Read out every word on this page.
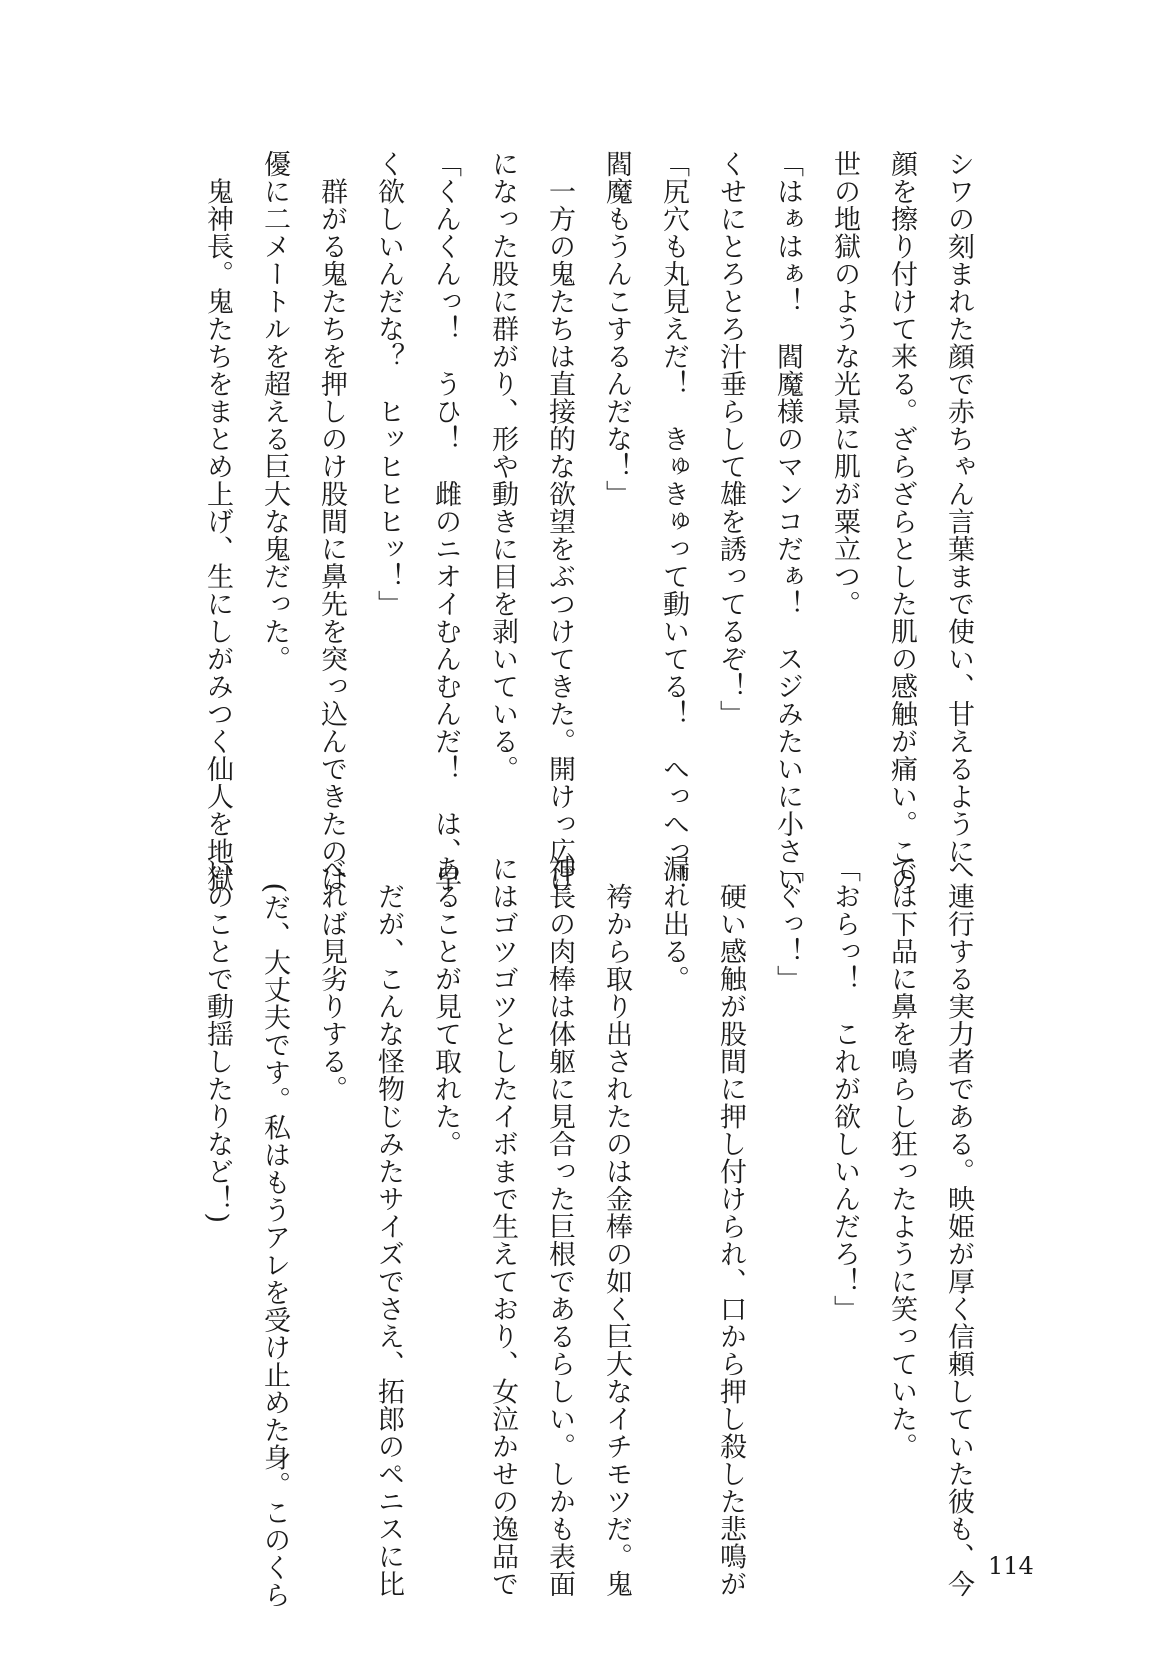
シワの刻まれた顔で赤ちゃん言葉まで使い、甘えるように
顔を擦り付けて来る。ざらざらとした肌の感触が痛い。この
世の地獄のような光景に肌が粟立つ。
「はぁはぁ！　閻魔様のマンコだぁ！　スジみたいに小さい
くせにとろとろ汁垂らして雄を誘ってるぞ！」
「尻穴も丸見えだ！　きゅきゅって動いてる！　へっへっ！
閻魔もうんこするんだな！」
　一方の鬼たちは直接的な欲望をぶつけてきた。開けっ広げ
になった股に群がり、形や動きに目を剥いている。
「くんくんっ！　うひ！　雌のニオイむんむんだ！　は、早
く欲しいんだな？　ヒッヒヒヒッ！」
　群がる鬼たちを押しのけ股間に鼻先を突っ込んできたのは
優に二メートルを超える巨大な鬼だった。
　鬼神長。鬼たちをまとめ上げ、生にしがみつく仙人を地獄
へ連行する実力者である。映姫が厚く信頼していた彼も、今
では下品に鼻を鳴らし狂ったように笑っていた。
「おらっ！　これが欲しいんだろ！」
「ぐっ！」
　硬い感触が股間に押し付けられ、口から押し殺した悲鳴が
漏れ出る。
　袴から取り出されたのは金棒の如く巨大なイチモツだ。鬼
神長の肉棒は体躯に見合った巨根であるらしい。しかも表面
にはゴツゴツとしたイボまで生えており、女泣かせの逸品で
あることが見て取れた。
　だが、こんな怪物じみたサイズでさえ、拓郎のペニスに比
べれば見劣りする。
　(だ、大丈夫です。私はもうアレを受け止めた身。このくら
いのことで動揺したりなど！)
114
